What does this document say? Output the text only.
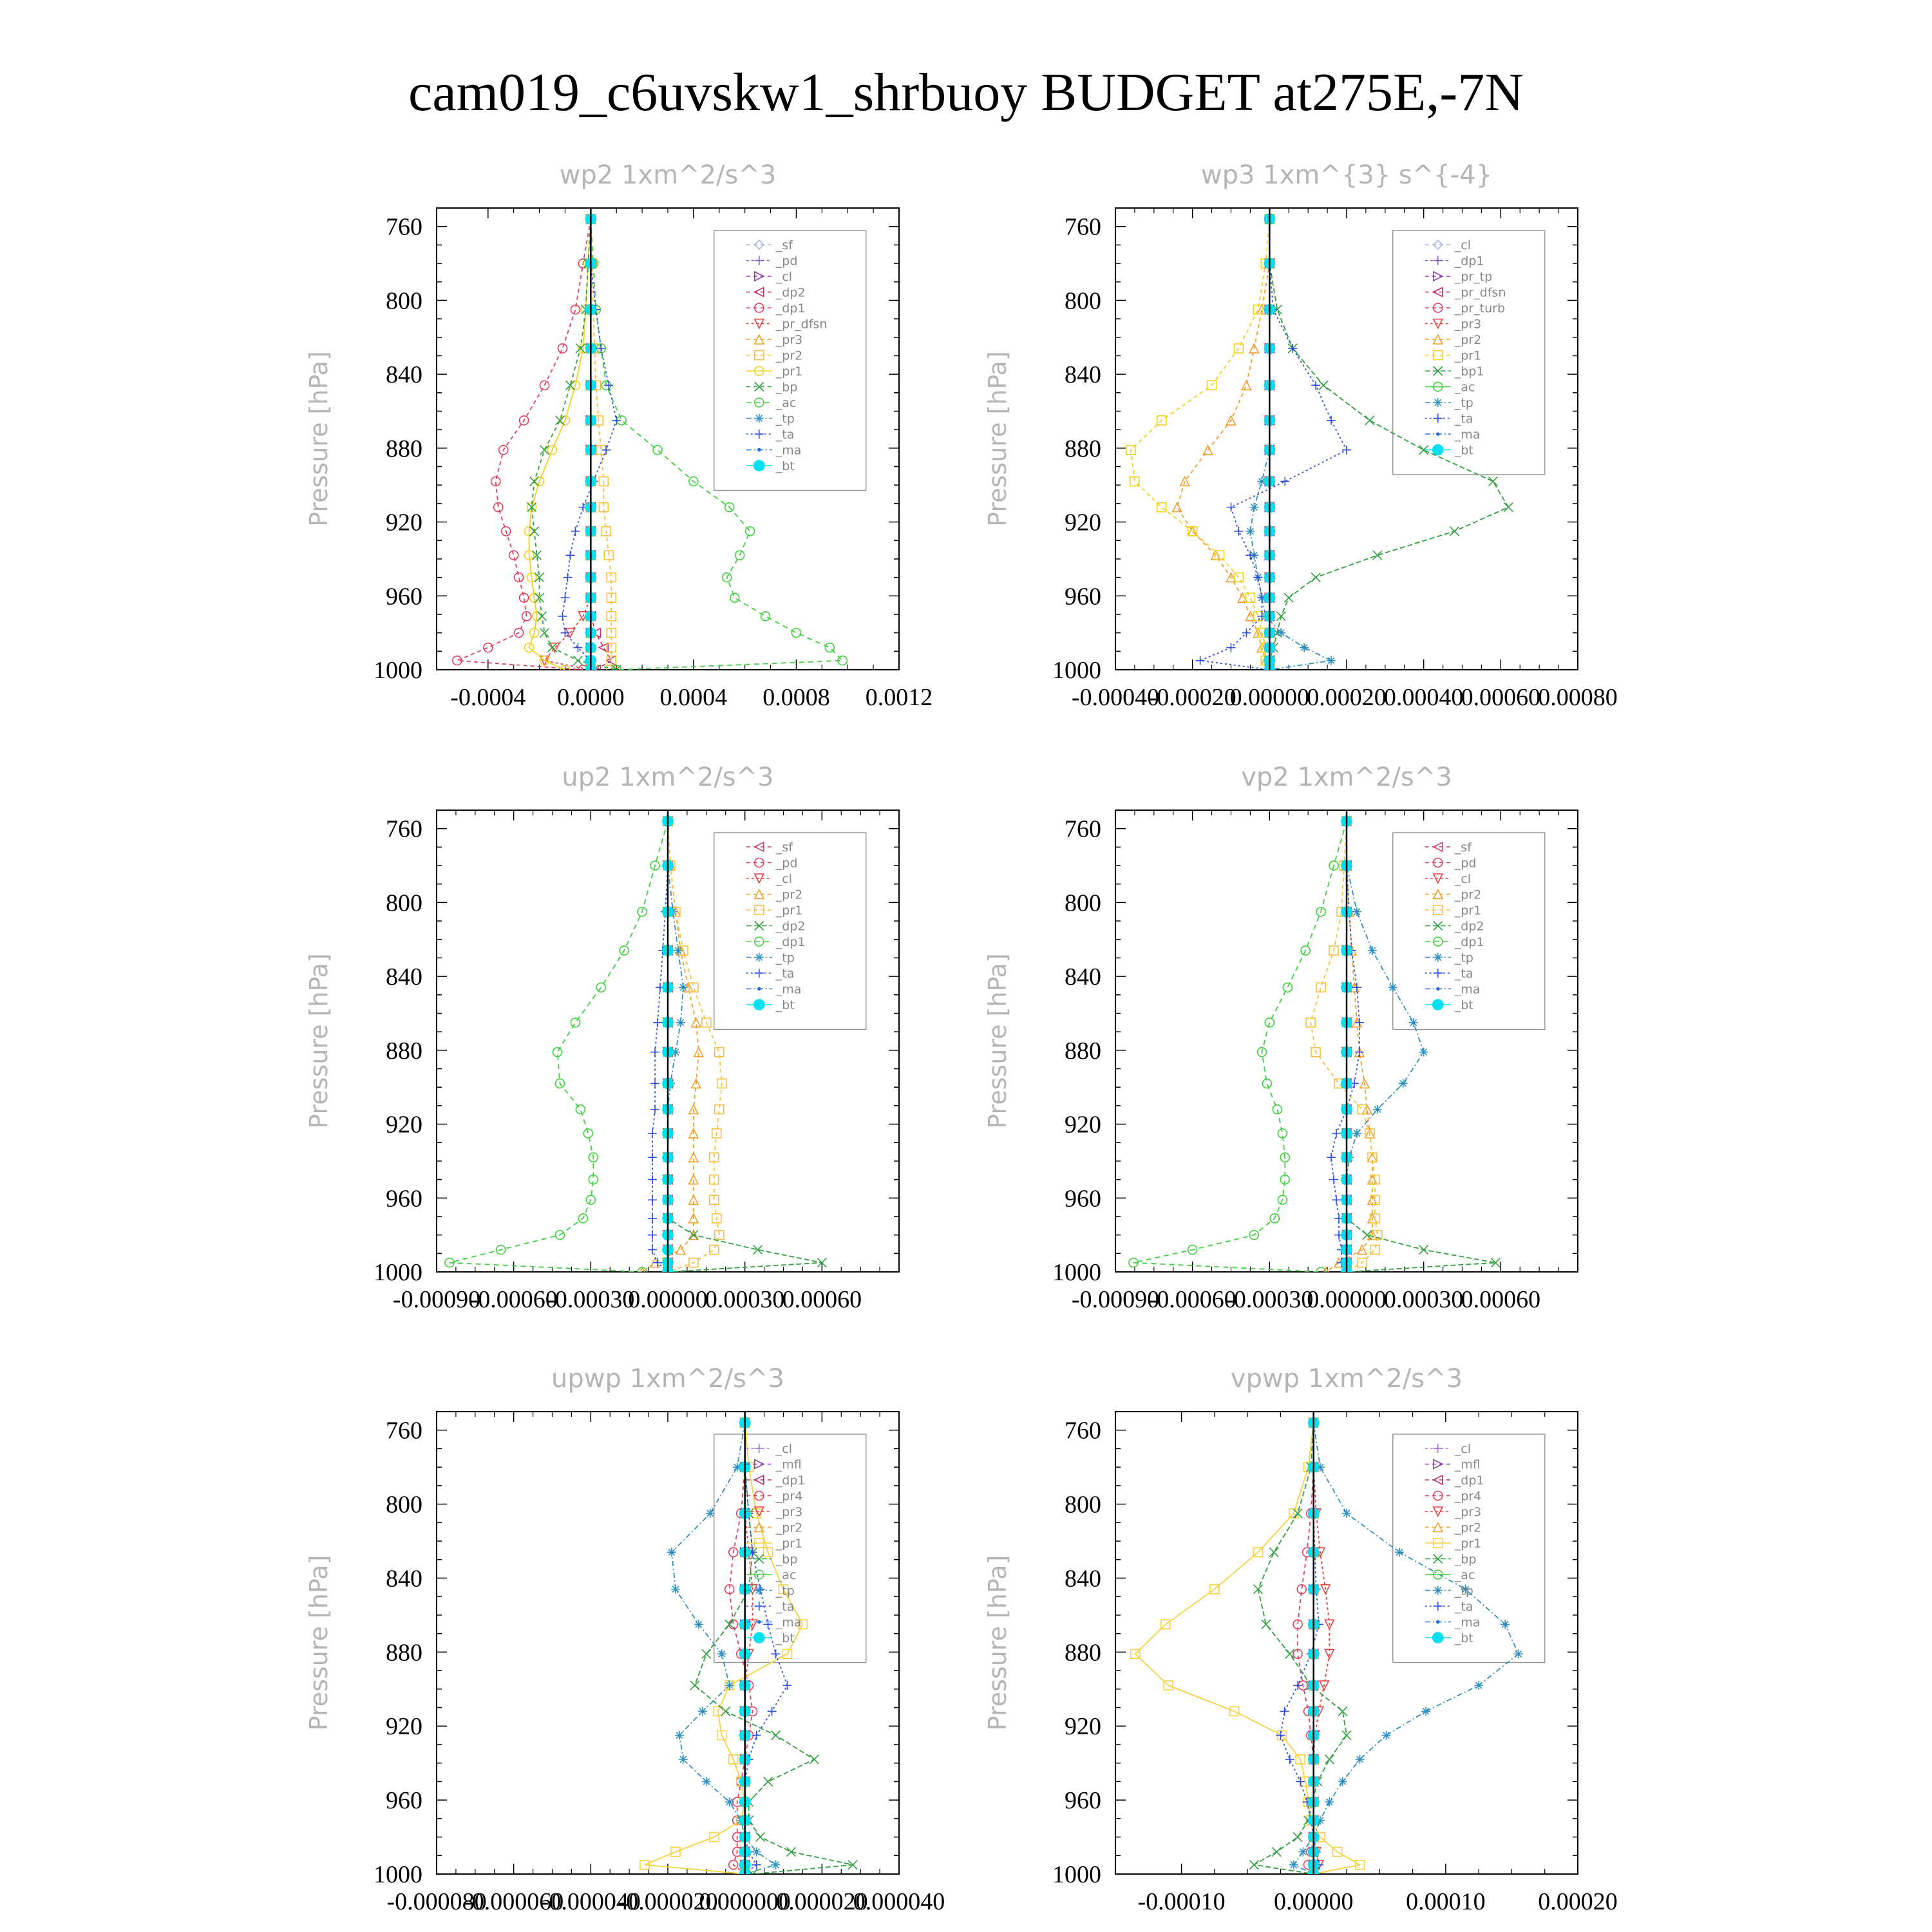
cam019_c6uvskw1_shrbuoy BUDGET at275E,-7N
wp2 1xm^2/s^3
Pressure [hPa]
760
800
840
880
920
960
1000
-0.0004 0.0000 0.0004 0.0008 0.0012
_sf
_pd
_cl
_dp2
_dp1
_pr_dfsn
_pr3
_pr2
_pr1
_bp
_ac
_tp
_ta
_ma
_bt
wp3 1xm^{3} s^{-4}
Pressure [hPa]
760
800
840
880
920
960
1000
-0.00040
-0.00020
0.00000
0.00020
0.00040
0.00060
0.00080
_cl
_dp1
_pr_tp
_pr_dfsn
_pr_turb
_pr3
_pr2
_pr1
_bp1
_ac
_tp
_ta
_ma
_bt
up2 1xm^2/s^3
Pressure [hPa]
760
800
840
880
920
960
1000
-0.00090
-0.00060
-0.00030
0.00000
0.00030
0.00060
_sf
_pd
_cl
_pr2
_pr1
_dp2
_dp1
_tp
_ta
_ma
_bt
vp2 1xm^2/s^3
Pressure [hPa]
760
800
840
880
920
960
1000
-0.00090
-0.00060
-0.00030
0.00000
0.00030
0.00060
_sf
_pd
_cl
_pr2
_pr1
_dp2
_dp1
_tp
_ta
_ma
_bt
upwp 1xm^2/s^3
Pressure [hPa]
760
800
840
880
920
960
1000
-0.000080
-0.000060
-0.000040
-0.000020
0.000000
0.000020
0.000040
_cl
_mfl
_dp1
_pr4
_pr3
_pr2
_pr1
_bp
_ac
_tp
_ta
_ma
_bt
vpwp 1xm^2/s^3
Pressure [hPa]
760
800
840
880
920
960
1000
-0.00010 0.00000 0.00010 0.00020
_cl
_mfl
_dp1
_pr4
_pr3
_pr2
_pr1
_bp
_ac
_tp
_ta
_ma
_bt
